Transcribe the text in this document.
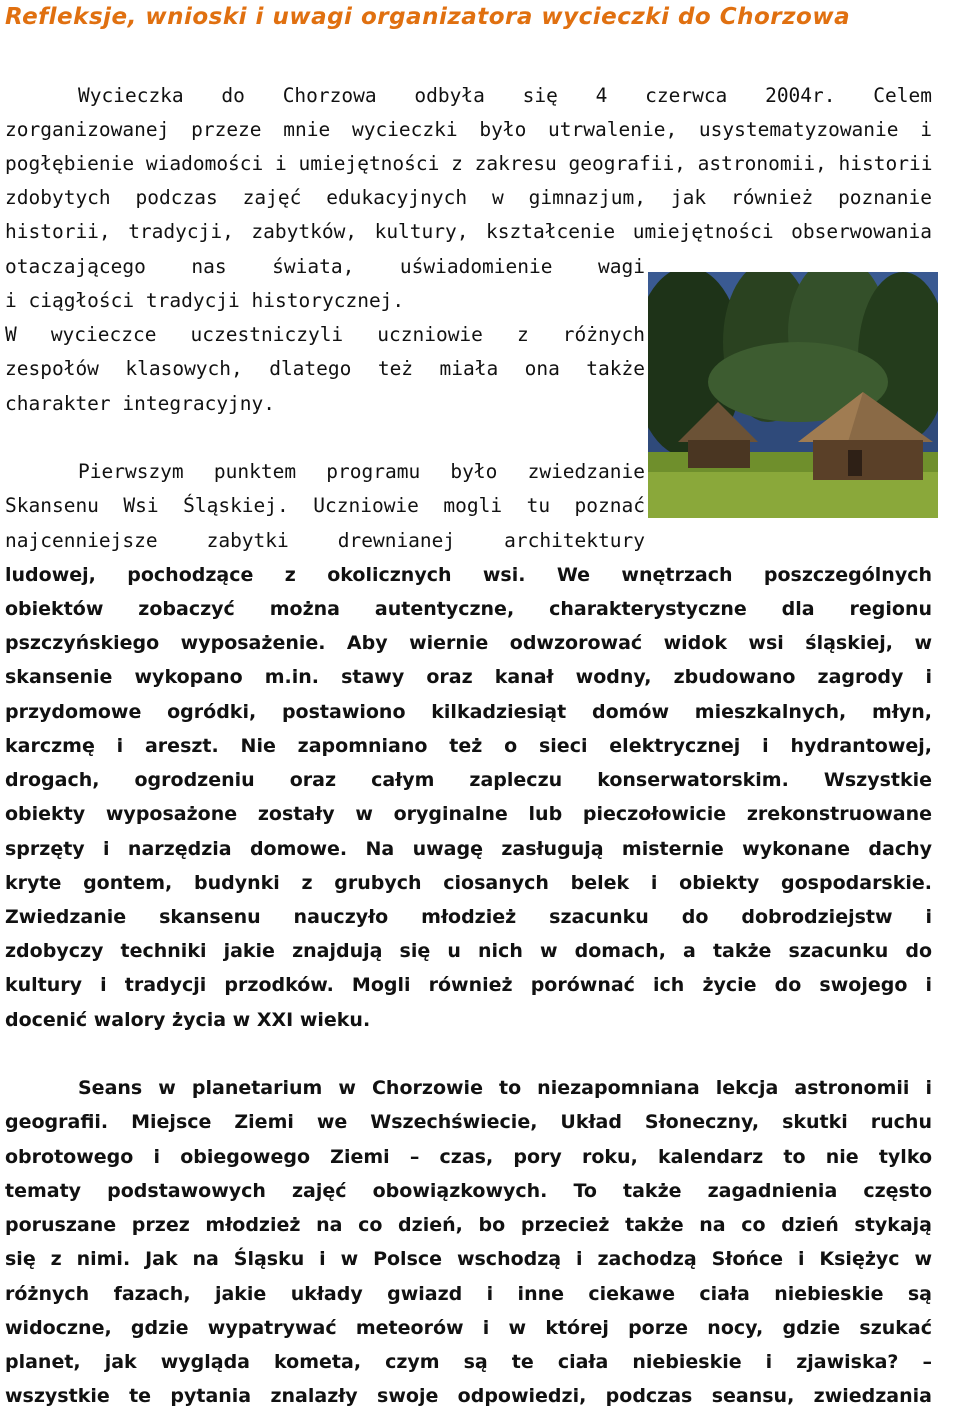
Refleksje, wnioski i uwagi organizatora wycieczki do Chorzowa
Wycieczka do Chorzowa odbyła się 4 czerwca 2004r. Celem
zorganizowanej przeze mnie wycieczki było utrwalenie, usystematyzowanie i
pogłębienie wiadomości i umiejętności z zakresu geografii, astronomii, historii
zdobytych podczas zajęć edukacyjnych w gimnazjum, jak również poznanie
historii, tradycji, zabytków, kultury, kształcenie umiejętności obserwowania
otaczającego nas świata, uświadomienie wagi
i ciągłości tradycji historycznej.
W wycieczce uczestniczyli uczniowie z różnych
zespołów klasowych, dlatego też miała ona także
charakter integracyjny.
Pierwszym punktem programu było zwiedzanie
Skansenu Wsi Śląskiej. Uczniowie mogli tu poznać
najcenniejsze zabytki drewnianej architektury
ludowej, pochodzące z okolicznych wsi. We wnętrzach poszczególnych
obiektów zobaczyć można autentyczne, charakterystyczne dla regionu
pszczyńskiego wyposażenie. Aby wiernie odwzorować widok wsi śląskiej, w
skansenie wykopano m.in. stawy oraz kanał wodny, zbudowano zagrody i
przydomowe ogródki, postawiono kilkadziesiąt domów mieszkalnych, młyn,
karczmę i areszt. Nie zapomniano też o sieci elektrycznej i hydrantowej,
drogach, ogrodzeniu oraz całym zapleczu konserwatorskim. Wszystkie
obiekty wyposażone zostały w oryginalne lub pieczołowicie zrekonstruowane
sprzęty i narzędzia domowe. Na uwagę zasługują misternie wykonane dachy
kryte gontem, budynki z grubych ciosanych belek i obiekty gospodarskie.
Zwiedzanie skansenu nauczyło młodzież szacunku do dobrodziejstw i
zdobyczy techniki jakie znajdują się u nich w domach, a także szacunku do
kultury i tradycji przodków. Mogli również porównać ich życie do swojego i
docenić walory życia w XXI wieku.
Seans w planetarium w Chorzowie to niezapomniana lekcja astronomii i
geografii. Miejsce Ziemi we Wszechświecie, Układ Słoneczny, skutki ruchu
obrotowego i obiegowego Ziemi – czas, pory roku, kalendarz to nie tylko
tematy podstawowych zajęć obowiązkowych. To także zagadnienia często
poruszane przez młodzież na co dzień, bo przecież także na co dzień stykają
się z nimi. Jak na Śląsku i w Polsce wschodzą i zachodzą Słońce i Księżyc w
różnych fazach, jakie układy gwiazd i inne ciekawe ciała niebieskie są
widoczne, gdzie wypatrywać meteorów i w której porze nocy, gdzie szukać
planet, jak wygląda kometa, czym są te ciała niebieskie i zjawiska? –
wszystkie te pytania znalazły swoje odpowiedzi, podczas seansu, zwiedzania
